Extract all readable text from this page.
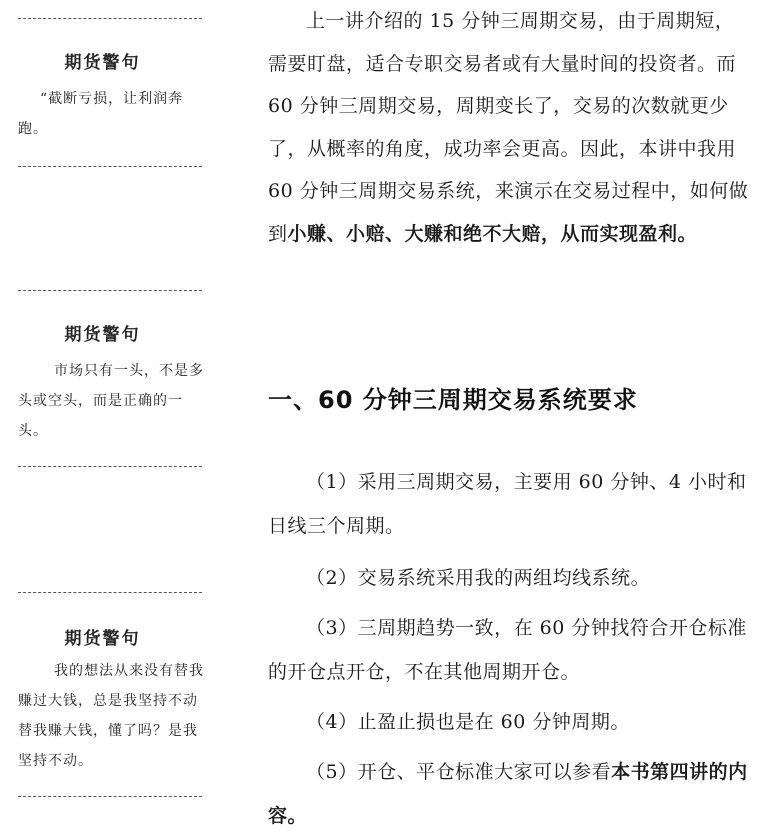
期货警句
“截断亏损，让利润奔跑。
期货警句
市场只有一头，不是多头或空头，而是正确的一头。
期货警句
我的想法从来没有替我赚过大钱，总是我坚持不动替我赚大钱，懂了吗？是我坚持不动。
上一讲介绍的 15 分钟三周期交易，由于周期短，需要盯盘，适合专职交易者或有大量时间的投资者。而 60 分钟三周期交易，周期变长了，交易的次数就更少了，从概率的角度，成功率会更高。因此，本讲中我用 60 分钟三周期交易系统，来演示在交易过程中，如何做到小赚、小赔、大赚和绝不大赔，从而实现盈利。
一、60 分钟三周期交易系统要求
（1）采用三周期交易，主要用 60 分钟、4 小时和日线三个周期。
（2）交易系统采用我的两组均线系统。
（3）三周期趋势一致，在 60 分钟找符合开仓标准的开仓点开仓，不在其他周期开仓。
（4）止盈止损也是在 60 分钟周期。
（5）开仓、平仓标准大家可以参看本书第四讲的内容。
